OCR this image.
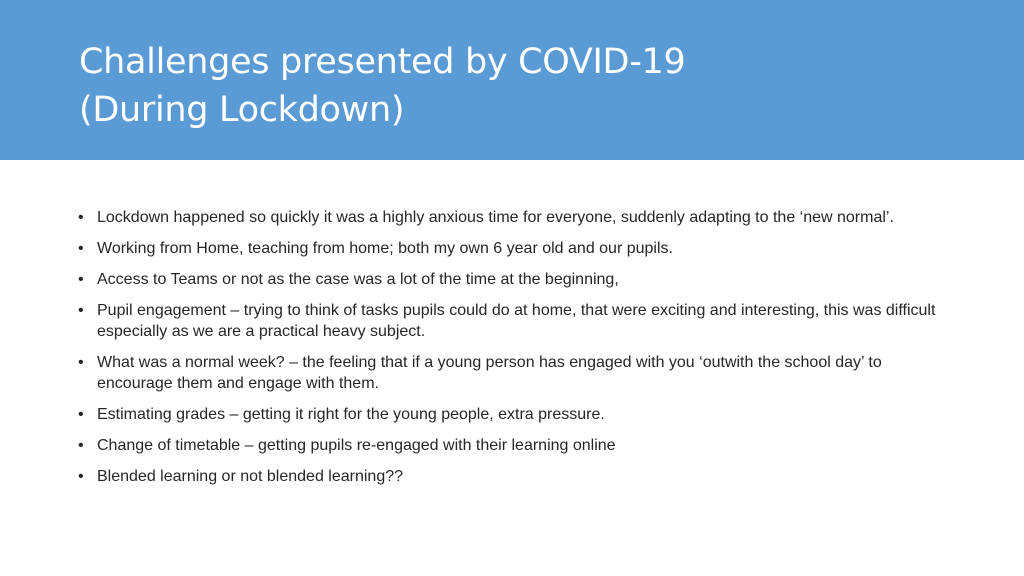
Challenges presented by COVID-19
(During Lockdown)
• Lockdown happened so quickly it was a highly anxious time for everyone, suddenly adapting to the ‘new normal’.
• Working from Home, teaching from home; both my own 6 year old and our pupils.
• Access to Teams or not as the case was a lot of the time at the beginning,
• Pupil engagement – trying to think of tasks pupils could do at home, that were exciting and interesting, this was difficult especially as we are a practical heavy subject.
• What was a normal week? – the feeling that if a young person has engaged with you ‘outwith the school day’ to encourage them and engage with them.
• Estimating grades – getting it right for the young people, extra pressure.
• Change of timetable – getting pupils re-engaged with their learning online
• Blended learning or not blended learning??
